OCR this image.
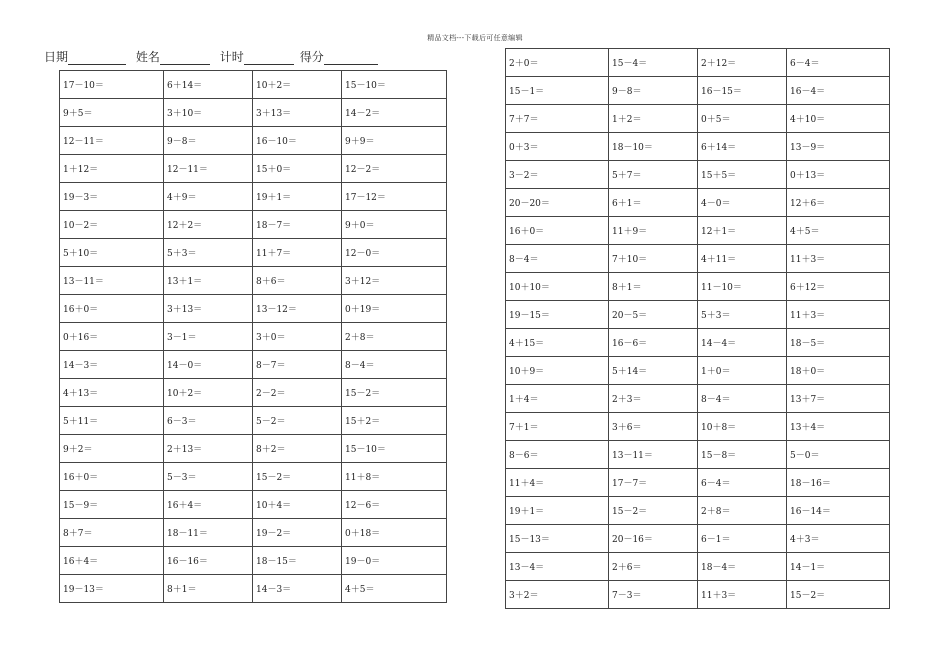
精品文档---下载后可任意编辑
日期	姓名	计时	得分
17－10＝	6＋14＝	10＋2＝	15－10＝
9＋5＝	3＋10＝	3＋13＝	14－2＝
12－11＝	9－8＝	16－10＝	9＋9＝
1＋12＝	12－11＝	15＋0＝	12－2＝
19－3＝	4＋9＝	19＋1＝	17－12＝
10－2＝	12＋2＝	18－7＝	9＋0＝
5＋10＝	5＋3＝	11＋7＝	12－0＝
13－11＝	13＋1＝	8＋6＝	3＋12＝
16＋0＝	3＋13＝	13－12＝	0＋19＝
0＋16＝	3－1＝	3＋0＝	2＋8＝
14－3＝	14－0＝	8－7＝	8－4＝
4＋13＝	10＋2＝	2－2＝	15－2＝
5＋11＝	6－3＝	5－2＝	15＋2＝
9＋2＝	2＋13＝	8＋2＝	15－10＝
16＋0＝	5－3＝	15－2＝	11＋8＝
15－9＝	16＋4＝	10＋4＝	12－6＝
8＋7＝	18－11＝	19－2＝	0＋18＝
16＋4＝	16－16＝	18－15＝	19－0＝
19－13＝	8＋1＝	14－3＝	4＋5＝
2＋0＝	15－4＝	2＋12＝	6－4＝
15－1＝	9－8＝	16－15＝	16－4＝
7＋7＝	1＋2＝	0＋5＝	4＋10＝
0＋3＝	18－10＝	6＋14＝	13－9＝
3－2＝	5＋7＝	15＋5＝	0＋13＝
20－20＝	6＋1＝	4－0＝	12＋6＝
16＋0＝	11＋9＝	12＋1＝	4＋5＝
8－4＝	7＋10＝	4＋11＝	11＋3＝
10＋10＝	8＋1＝	11－10＝	6＋12＝
19－15＝	20－5＝	5＋3＝	11＋3＝
4＋15＝	16－6＝	14－4＝	18－5＝
10＋9＝	5＋14＝	1＋0＝	18＋0＝
1＋4＝	2＋3＝	8－4＝	13＋7＝
7＋1＝	3＋6＝	10＋8＝	13＋4＝
8－6＝	13－11＝	15－8＝	5－0＝
11＋4＝	17－7＝	6－4＝	18－16＝
19＋1＝	15－2＝	2＋8＝	16－14＝
15－13＝	20－16＝	6－1＝	4＋3＝
13－4＝	2＋6＝	18－4＝	14－1＝
3＋2＝	7－3＝	11＋3＝	15－2＝
